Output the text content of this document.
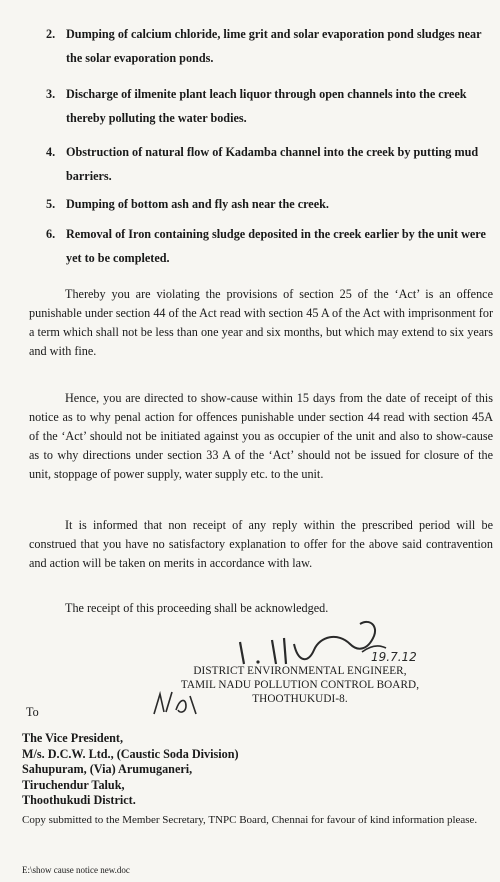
2. Dumping of calcium chloride, lime grit and solar evaporation pond sludges near the solar evaporation ponds.
3. Discharge of ilmenite plant leach liquor through open channels into the creek thereby polluting the water bodies.
4. Obstruction of natural flow of Kadamba channel into the creek by putting mud barriers.
5. Dumping of bottom ash and fly ash near the creek.
6. Removal of Iron containing sludge deposited in the creek earlier by the unit were yet to be completed.
Thereby you are violating the provisions of section 25 of the ‘Act’ is an offence punishable under section 44 of the Act read with section 45 A of the Act with imprisonment for a term which shall not be less than one year and six months, but which may extend to six years and with fine.
Hence, you are directed to show-cause within 15 days from the date of receipt of this notice as to why penal action for offences punishable under section 44 read with section 45A of the ‘Act’ should not be initiated against you as occupier of the unit and also to show-cause as to why directions under section 33 A of the ‘Act’ should not be issued for closure of the unit, stoppage of power supply, water supply etc. to the unit.
It is informed that non receipt of any reply within the prescribed period will be construed that you have no satisfactory explanation to offer for the above said contravention and action will be taken on merits in accordance with law.
The receipt of this proceeding shall be acknowledged.
19.7.12
DISTRICT ENVIRONMENTAL ENGINEER,
TAMIL NADU POLLUTION CONTROL BOARD,
THOOTHUKUDI-8.
To
The Vice President,
M/s. D.C.W. Ltd., (Caustic Soda Division)
Sahupuram, (Via) Arumuganeri,
Tiruchendur Taluk,
Thoothukudi District.
Copy submitted to the Member Secretary, TNPC Board, Chennai for favour of kind information please.
E:\show cause notice new.doc
